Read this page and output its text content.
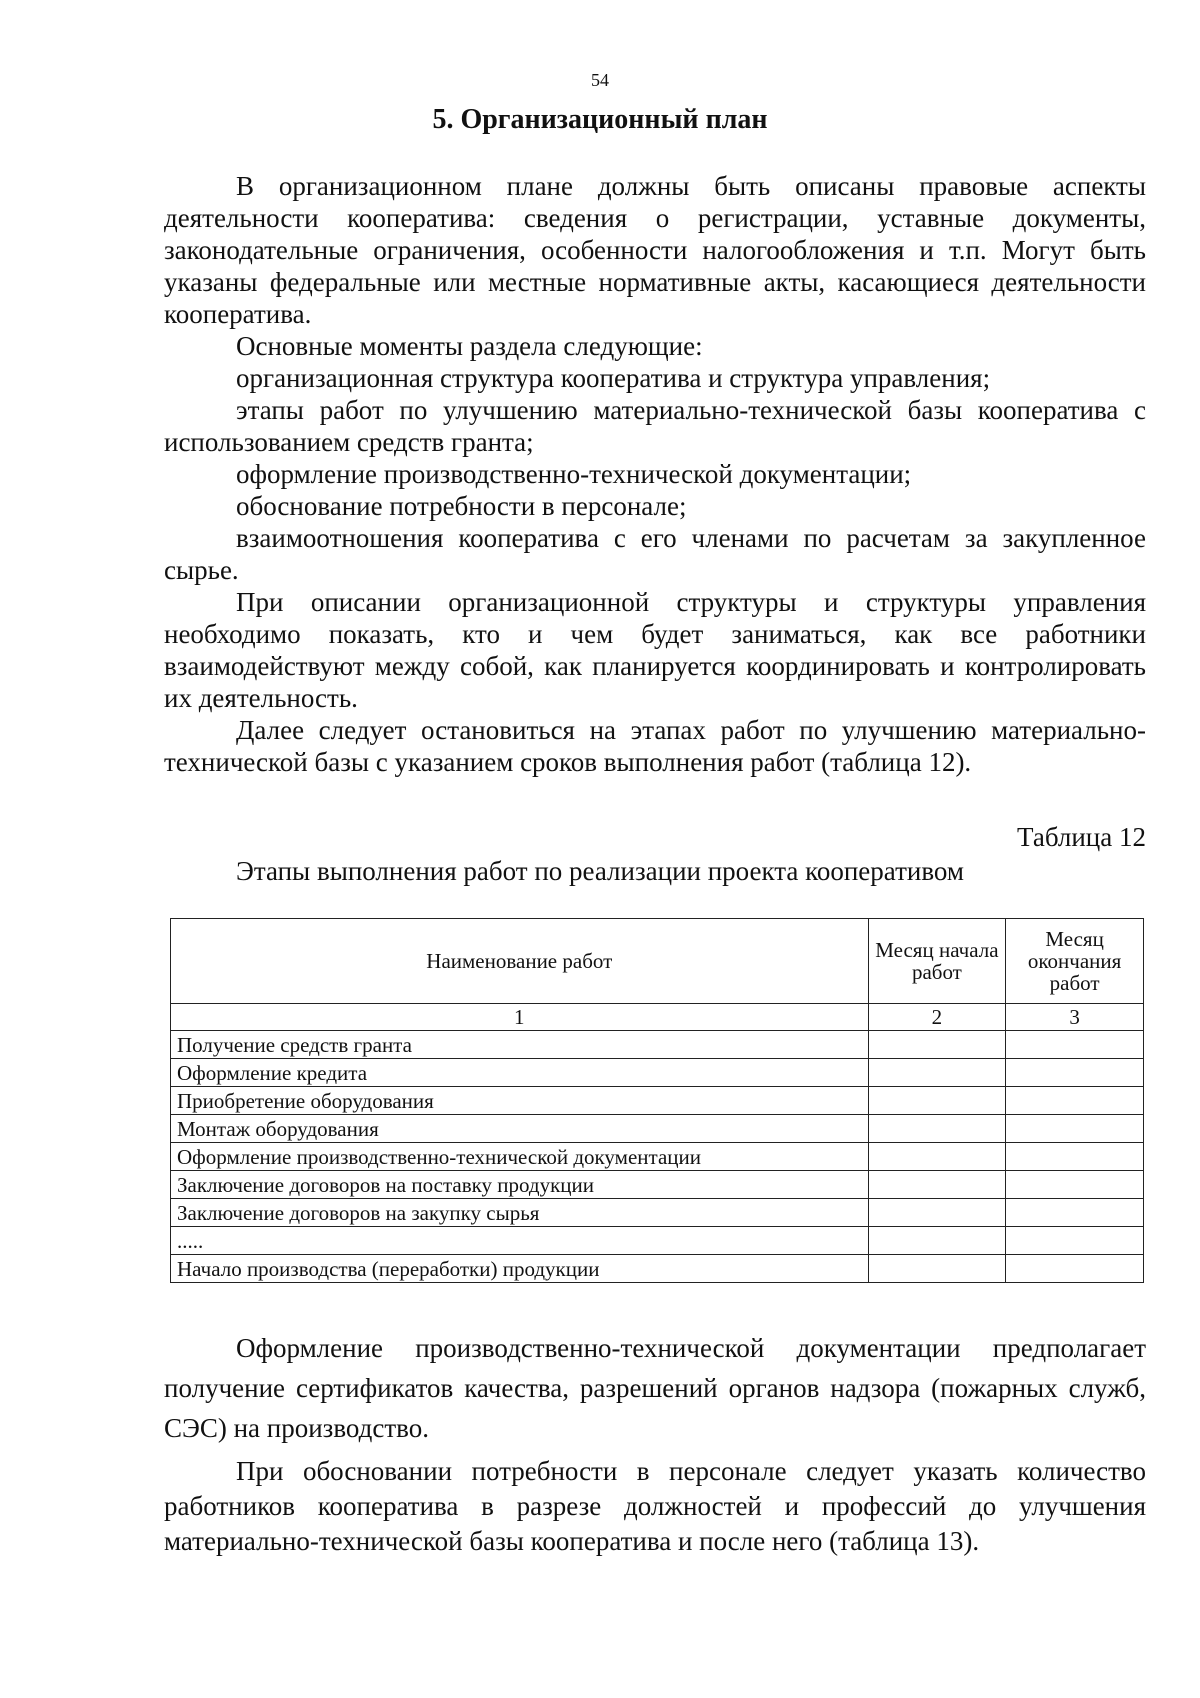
54
5. Организационный план

В организационном плане должны быть описаны правовые аспекты деятельности кооператива: сведения о регистрации, уставные документы, законодательные ограничения, особенности налогообложения и т.п. Могут быть указаны федеральные или местные нормативные акты, касающиеся деятельности кооператива.

Основные моменты раздела следующие:

организационная структура кооператива и структура управления;

этапы работ по улучшению материально-технической базы кооператива с использованием средств гранта;

оформление производственно-технической документации;

обоснование потребности в персонале;

взаимоотношения кооператива с его членами по расчетам за закупленное сырье.

При описании организационной структуры и структуры управления необходимо показать, кто и чем будет заниматься, как все работники взаимодействуют между собой, как планируется координировать и контролировать их деятельность.

Далее следует остановиться на этапах работ по улучшению материально-технической базы с указанием сроков выполнения работ (таблица 12).

Таблица 12
Этапы выполнения работ по реализации проекта кооперативом
Наименование работ	Месяц начала работ	Месяц окончания работ
1	2	3
Получение средств гранта		
Оформление кредита		
Приобретение оборудования		
Монтаж оборудования		
Оформление производственно-технической документации		
Заключение договоров на поставку продукции		
Заключение договоров на закупку сырья		
.....		
Начало производства (переработки) продукции		

Оформление производственно-технической документации предполагает получение сертификатов качества, разрешений органов надзора (пожарных служб, СЭС) на производство.

При обосновании потребности в персонале следует указать количество работников кооператива в разрезе должностей и профессий до улучшения материально-технической базы кооператива и после него (таблица 13).
